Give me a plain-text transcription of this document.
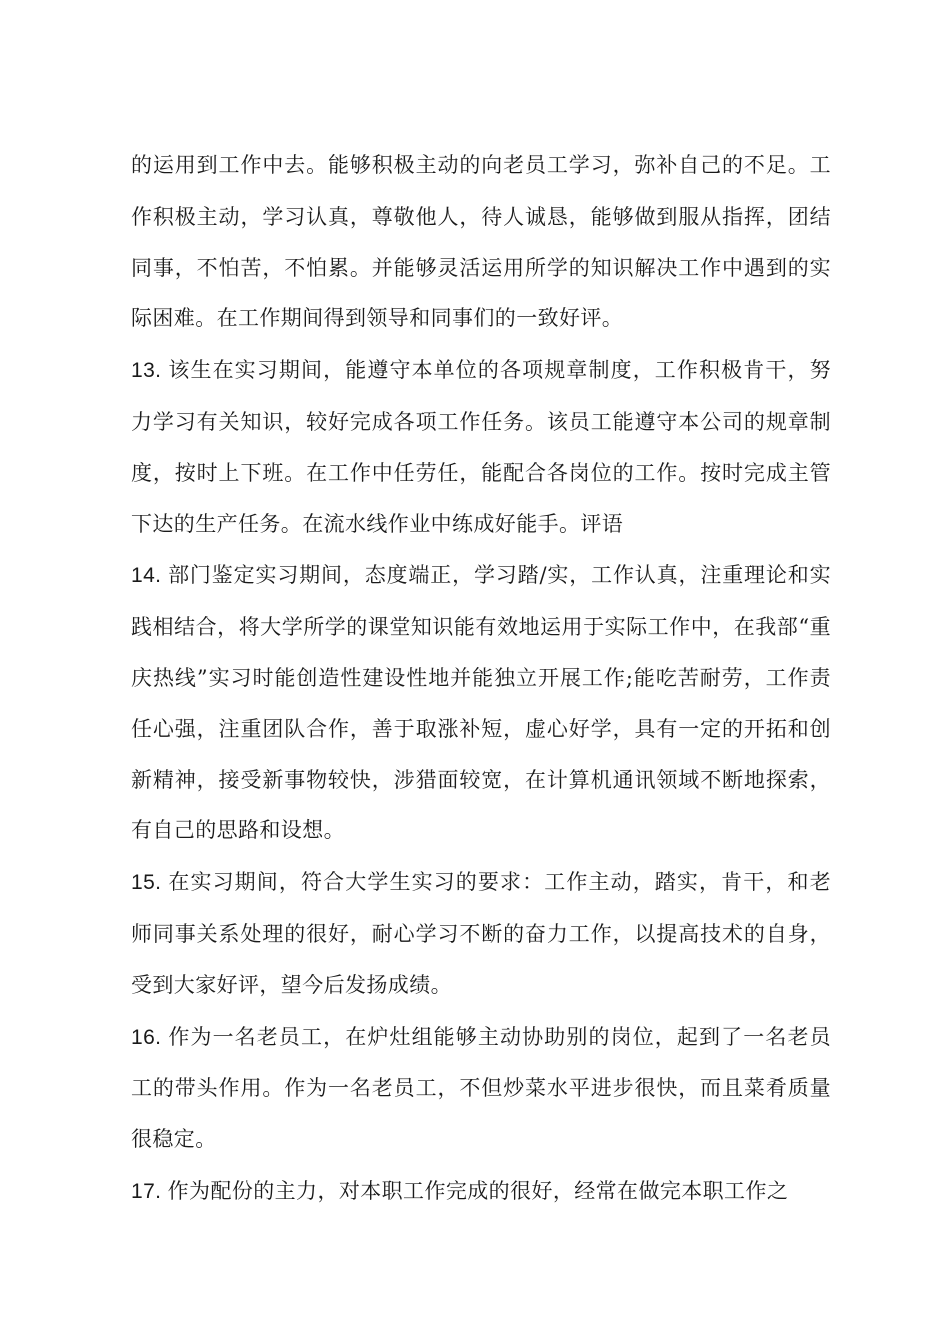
的运用到工作中去。能够积极主动的向老员工学习，弥补自己的不足。工作积极主动，学习认真，尊敬他人，待人诚恳，能够做到服从指挥，团结同事，不怕苦，不怕累。并能够灵活运用所学的知识解决工作中遇到的实际困难。在工作期间得到领导和同事们的一致好评。

13. 该生在实习期间，能遵守本单位的各项规章制度，工作积极肯干，努力学习有关知识，较好完成各项工作任务。该员工能遵守本公司的规章制度，按时上下班。在工作中任劳任，能配合各岗位的工作。按时完成主管下达的生产任务。在流水线作业中练成好能手。评语

14. 部门鉴定实习期间，态度端正，学习踏/实，工作认真，注重理论和实践相结合，将大学所学的课堂知识能有效地运用于实际工作中，在我部“重庆热线”实习时能创造性建设性地并能独立开展工作;能吃苦耐劳，工作责任心强，注重团队合作，善于取涨补短，虚心好学，具有一定的开拓和创新精神，接受新事物较快，涉猎面较宽，在计算机通讯领域不断地探索，有自己的思路和设想。

15. 在实习期间，符合大学生实习的要求：工作主动，踏实，肯干，和老师同事关系处理的很好，耐心学习不断的奋力工作，以提高技术的自身，受到大家好评，望今后发扬成绩。

16. 作为一名老员工，在炉灶组能够主动协助别的岗位，起到了一名老员工的带头作用。作为一名老员工，不但炒菜水平进步很快，而且菜肴质量很稳定。

17. 作为配份的主力，对本职工作完成的很好，经常在做完本职工作之
